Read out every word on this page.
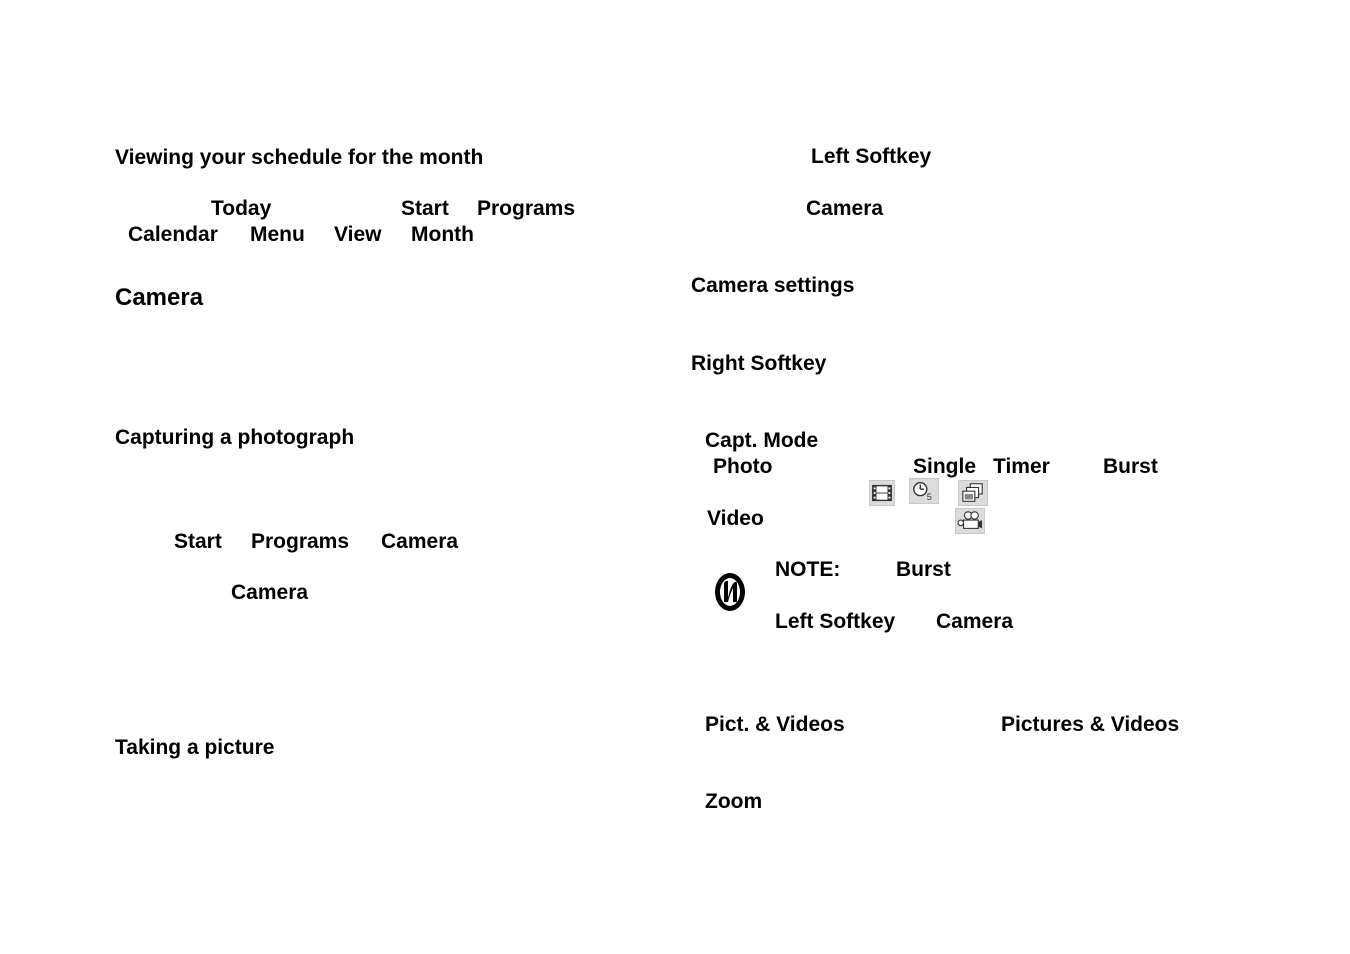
Viewing your schedule for the month
Today	Start Programs
Calendar Menu View Month
Camera
Capturing a photograph
Start Programs Camera
Camera
Taking a picture
Left Softkey
Camera
Camera settings
Right Softkey
Capt. Mode
Photo	Single Timer	Burst
5
Video
NOTE:	Burst
Left Softkey Camera
Pict. & Videos	Pictures & Videos
Zoom
